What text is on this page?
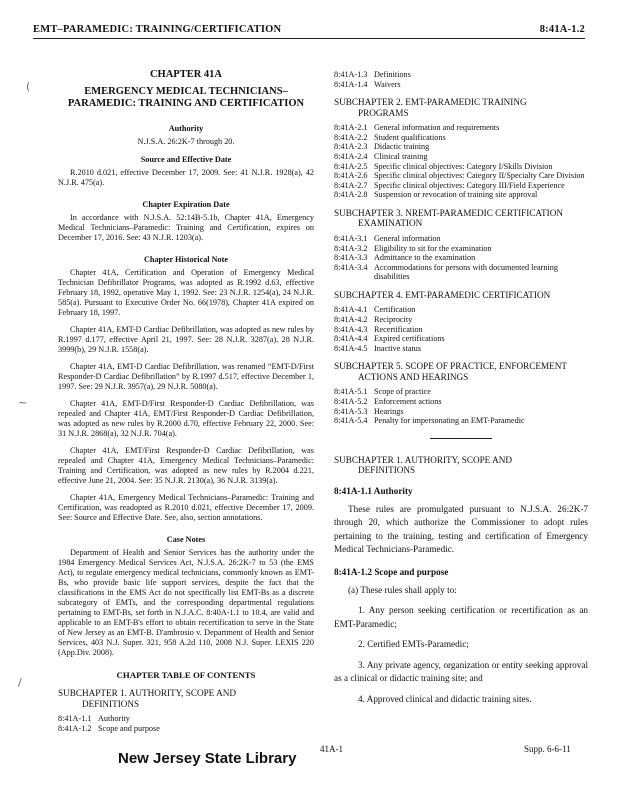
EMT–PARAMEDIC: TRAINING/CERTIFICATION	8:41A-1.2
(
~
/
CHAPTER 41A
EMERGENCY MEDICAL TECHNICIANS– PARAMEDIC: TRAINING AND CERTIFICATION
Authority
N.J.S.A. 26:2K-7 through 20.
Source and Effective Date

R.2010 d.021, effective December 17, 2009. See: 41 N.J.R. 1928(a), 42 N.J.R. 475(a).

Chapter Expiration Date

In accordance with N.J.S.A. 52:14B-5.1b, Chapter 41A, Emergency Medical Technicians–Paramedic: Training and Certification, expires on December 17, 2016. See: 43 N.J.R. 1203(a).

Chapter Historical Note

Chapter 41A, Certification and Operation of Emergency Medical Technician Defibrillator Programs, was adopted as R.1992 d.63, effective February 18, 1992, operative May 1, 1992. See: 23 N.J.R. 1254(a), 24 N.J.R. 585(a). Pursuant to Executive Order No. 66(1978), Chapter 41A expired on February 18, 1997.

Chapter 41A, EMT-D Cardiac Defibrillation, was adopted as new rules by R.1997 d.177, effective April 21, 1997. See: 28 N.J.R. 3287(a), 28 N.J.R. 3999(b), 29 N.J.R. 1558(a).

Chapter 41A, EMT-D Cardiac Defibrillation, was renamed “EMT-D/First Responder-D Cardiac Defibrillation” by R.1997 d.517, effective December 1, 1997. See: 29 N.J.R. 3957(a), 29 N.J.R. 5080(a).

Chapter 41A, EMT-D/First Responder-D Cardiac Defibrillation, was repealed and Chapter 41A, EMT/First Responder-D Cardiac Defibrillation, was adopted as new rules by R.2000 d.70, effective February 22, 2000. See: 31 N.J.R. 2868(a), 32 N.J.R. 704(a).

Chapter 41A, EMT/First Responder-D Cardiac Defibrillation, was repealed and Chapter 41A, Emergency Medical Technicians–Paramedic: Training and Certification, was adopted as new rules by R.2004 d.221, effective June 21, 2004. See: 35 N.J.R. 2130(a), 36 N.J.R. 3139(a).

Chapter 41A, Emergency Medical Technicians–Paramedic: Training and Certification, was readopted as R.2010 d.021, effective December 17, 2009. See: Source and Effective Date. See, also, section annotations.

Case Notes

Department of Health and Senior Services has the authority under the 1984 Emergency Medical Services Act, N.J.S.A. 26:2K-7 to 53 (the EMS Act), to regulate emergency medical technicians, commonly known as EMT-Bs, who provide basic life support services, despite the fact that the classifications in the EMS Act do not specifically list EMT-Bs as a discrete subcategory of EMTs, and the corresponding departmental regulations pertaining to EMT-Bs, set forth in N.J.A.C. 8:40A-1.1 to 10.4, are valid and applicable to an EMT-B's effort to obtain recertification to serve in the State of New Jersey as an EMT-B. D'ambrosio v. Department of Health and Senior Services, 403 N.J. Super. 321, 958 A.2d 110, 2008 N.J. Super. LEXIS 220 (App.Div. 2008).

CHAPTER TABLE OF CONTENTS
SUBCHAPTER 1. AUTHORITY, SCOPE AND
DEFINITIONS
8:41A-1.1 Authority
8:41A-1.2 Scope and purpose
8:41A-1.3 Definitions
8:41A-1.4 Waivers
SUBCHAPTER 2. EMT-PARAMEDIC TRAINING
PROGRAMS
8:41A-2.1 General information and requirements
8:41A-2.2 Student qualifications
8:41A-2.3 Didactic training
8:41A-2.4 Clinical training
8:41A-2.5 Specific clinical objectives: Category I/Skills Division
8:41A-2.6 Specific clinical objectives: Category II/Specialty Care Division
8:41A-2.7 Specific clinical objectives: Category III/Field Experience
8:41A-2.8 Suspension or revocation of training site approval
SUBCHAPTER 3. NREMT-PARAMEDIC CERTIFICATION
EXAMINATION
8:41A-3.1 General information
8:41A-3.2 Eligibility to sit for the examination
8:41A-3.3 Admittance to the examination
8:41A-3.4 Accommodations for persons with documented learning disabilities
SUBCHAPTER 4. EMT-PARAMEDIC CERTIFICATION
8:41A-4.1 Certification
8:41A-4.2 Reciprocity
8:41A-4.3 Recertification
8:41A-4.4 Expired certifications
8:41A-4.5 Inactive status
SUBCHAPTER 5. SCOPE OF PRACTICE, ENFORCEMENT
ACTIONS AND HEARINGS
8:41A-5.1 Scope of practice
8:41A-5.2 Enforcement actions
8:41A-5.3 Hearings
8:41A-5.4 Penalty for impersonating an EMT-Paramedic
SUBCHAPTER 1. AUTHORITY, SCOPE AND
DEFINITIONS
8:41A-1.1 Authority

These rules are promulgated pursuant to N.J.S.A. 26:2K-7 through 20, which authorize the Commissioner to adopt rules pertaining to the training, testing and certification of Emergency Medical Technicians-Paramedic.

8:41A-1.2 Scope and purpose

(a) These rules shall apply to:

1. Any person seeking certification or recertification as an EMT-Paramedic;

2. Certified EMTs-Paramedic;

3. Any private agency, organization or entity seeking approval as a clinical or didactic training site; and

4. Approved clinical and didactic training sites.

New Jersey State Library
41A-1	Supp. 6-6-11
